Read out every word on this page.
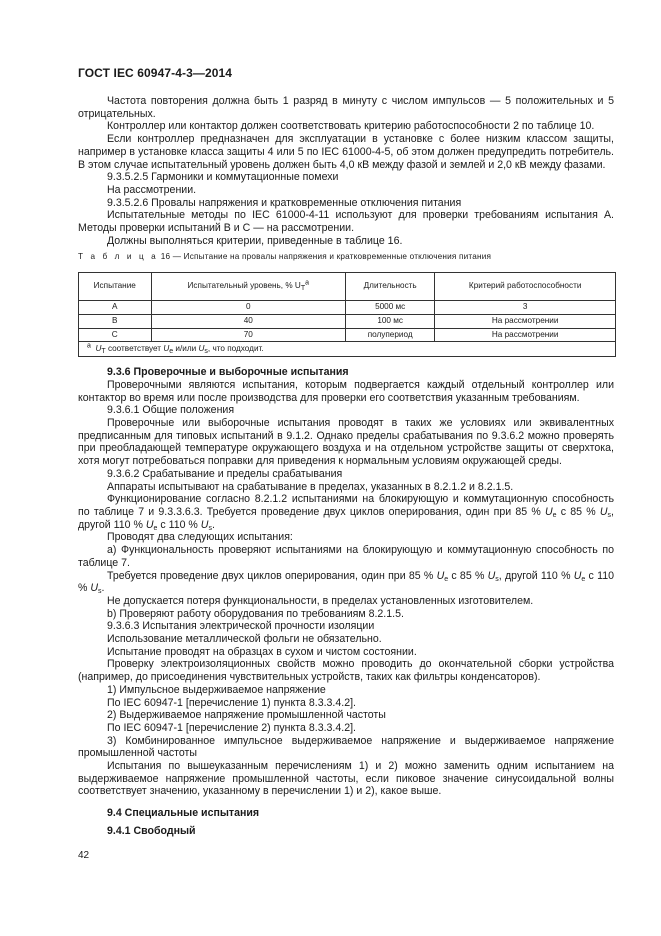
ГОСТ IEC 60947-4-3—2014

Частота повторения должна быть 1 разряд в минуту с числом импульсов — 5 положительных и 5 отрицательных.

Контроллер или контактор должен соответствовать критерию работоспособности 2 по таблице 10.

Если контроллер предназначен для эксплуатации в установке с более низким классом защиты, например в установке класса защиты 4 или 5 по IEC 61000-4-5, об этом должен предупредить потребитель. В этом случае испытательный уровень должен быть 4,0 кВ между фазой и землей и 2,0 кВ между фазами.

9.3.5.2.5 Гармоники и коммутационные помехи

На рассмотрении.

9.3.5.2.6 Провалы напряжения и кратковременные отключения питания

Испытательные методы по IEC 61000-4-11 используют для проверки требованиям испытания А. Методы проверки испытаний В и С — на рассмотрении.

Должны выполняться критерии, приведенные в таблице 16.

Т а б л и ц а 16 — Испытание на провалы напряжения и кратковременные отключения питания

Испытание	Испытательный уровень, % $U_T^a$	Длительность	Критерий работоспособности
А	0	5000 мс	3
В	40	100 мс	На рассмотрении
С	70	полупериод	На рассмотрении
$^a$ $U_T$ соответствует $U_e$ и/или $U_s$, что подходит.			

9.3.6 Проверочные и выборочные испытания

Проверочными являются испытания, которым подвергается каждый отдельный контроллер или контактор во время или после производства для проверки его соответствия указанным требованиям.

9.3.6.1 Общие положения

Проверочные или выборочные испытания проводят в таких же условиях или эквивалентных предписанным для типовых испытаний в 9.1.2. Однако пределы срабатывания по 9.3.6.2 можно проверять при преобладающей температуре окружающего воздуха и на отдельном устройстве защиты от сверхтока, хотя могут потребоваться поправки для приведения к нормальным условиям окружающей среды.

9.3.6.2 Срабатывание и пределы срабатывания

Аппараты испытывают на срабатывание в пределах, указанных в 8.2.1.2 и 8.2.1.5.

Функционирование согласно 8.2.1.2 испытаниями на блокирующую и коммутационную способность по таблице 7 и 9.3.3.6.3. Требуется проведение двух циклов оперирования, один при 85 % $U_e$ с 85 % $U_s$, другой 110 % $U_e$ с 110 % $U_s$.

Проводят два следующих испытания:

а) Функциональность проверяют испытаниями на блокирующую и коммутационную способность по таблице 7.

Требуется проведение двух циклов оперирования, один при 85 % $U_e$ с 85 % $U_s$, другой 110 % $U_e$ с 110 % $U_s$.

Не допускается потеря функциональности, в пределах установленных изготовителем.

b) Проверяют работу оборудования по требованиям 8.2.1.5.

9.3.6.3 Испытания электрической прочности изоляции

Использование металлической фольги не обязательно.

Испытание проводят на образцах в сухом и чистом состоянии.

Проверку электроизоляционных свойств можно проводить до окончательной сборки устройства (например, до присоединения чувствительных устройств, таких как фильтры конденсаторов).

1) Импульсное выдерживаемое напряжение

По IEC 60947-1 [перечисление 1) пункта 8.3.3.4.2].

2) Выдерживаемое напряжение промышленной частоты

По IEC 60947-1 [перечисление 2) пункта 8.3.3.4.2].

3) Комбинированное импульсное выдерживаемое напряжение и выдерживаемое напряжение промышленной частоты

Испытания по вышеуказанным перечислениям 1) и 2) можно заменить одним испытанием на выдерживаемое напряжение промышленной частоты, если пиковое значение синусоидальной волны соответствует значению, указанному в перечислении 1) и 2), какое выше.

9.4 Специальные испытания

9.4.1 Свободный

42
